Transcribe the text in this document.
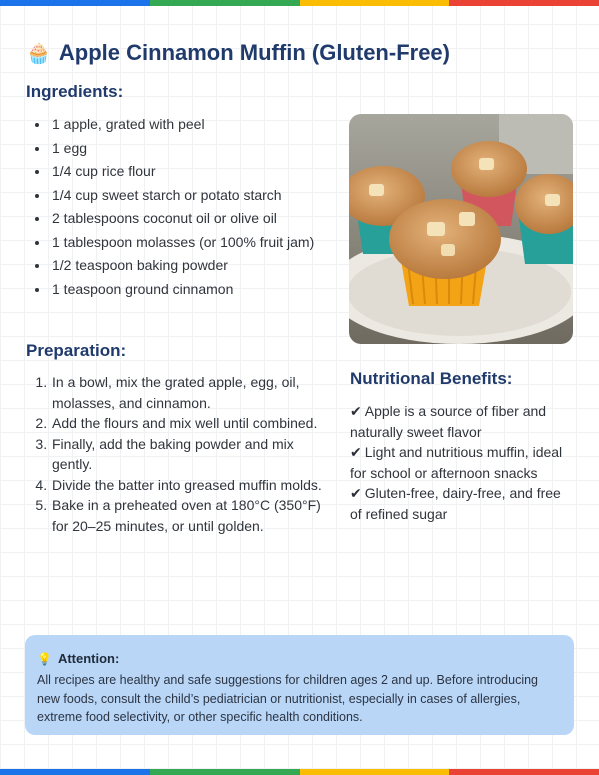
🧁 Apple Cinnamon Muffin (Gluten-Free)
Ingredients:
• 1 apple, grated with peel
• 1 egg
• 1/4 cup rice flour
• 1/4 cup sweet starch or potato starch
• 2 tablespoons coconut oil or olive oil
• 1 tablespoon molasses (or 100% fruit jam)
• 1/2 teaspoon baking powder
• 1 teaspoon ground cinnamon
Preparation:
1. In a bowl, mix the grated apple, egg, oil, molasses, and cinnamon.
2. Add the flours and mix well until combined.
3. Finally, add the baking powder and mix gently.
4. Divide the batter into greased muffin molds.
5. Bake in a preheated oven at 180°C (350°F) for 20–25 minutes, or until golden.
Nutritional Benefits:

✔ Apple is a source of fiber and naturally sweet flavor

✔ Light and nutritious muffin, ideal for school or afternoon snacks

✔ Gluten-free, dairy-free, and free of refined sugar

💡 Attention:
All recipes are healthy and safe suggestions for children ages 2 and up. Before introducing new foods, consult the child’s pediatrician or nutritionist, especially in cases of allergies, extreme food selectivity, or other specific health conditions.
